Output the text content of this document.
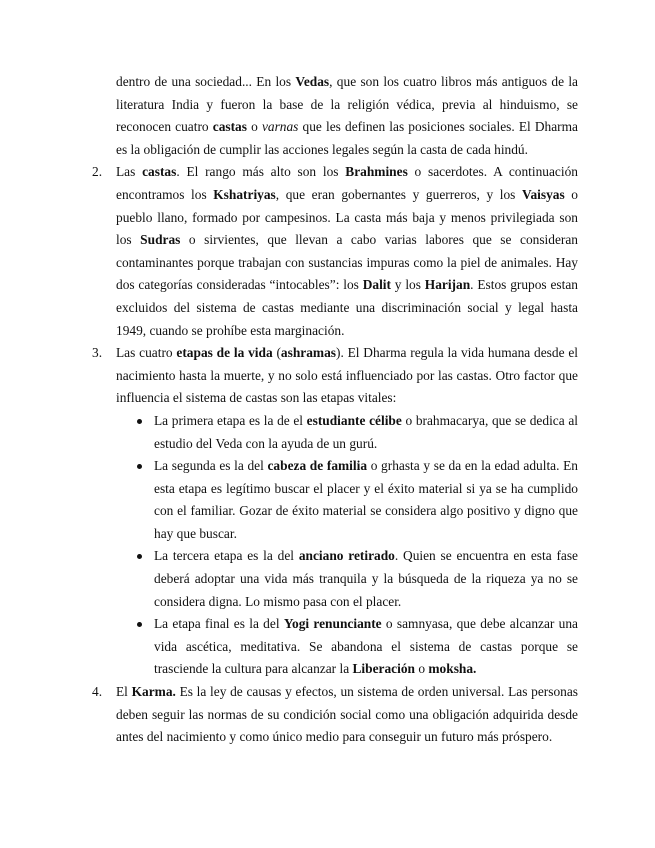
dentro de una sociedad... En los Vedas, que son los cuatro libros más antiguos de la literatura India y fueron la base de la religión védica, previa al hinduismo, se reconocen cuatro castas o varnas que les definen las posiciones sociales. El Dharma es la obligación de cumplir las acciones legales según la casta de cada hindú.

2. Las castas. El rango más alto son los Brahmines o sacerdotes. A continuación encontramos los Kshatriyas, que eran gobernantes y guerreros, y los Vaisyas o pueblo llano, formado por campesinos. La casta más baja y menos privilegiada son los Sudras o sirvientes, que llevan a cabo varias labores que se consideran contaminantes porque trabajan con sustancias impuras como la piel de animales. Hay dos categorías consideradas “intocables”: los Dalit y los Harijan. Estos grupos estan excluidos del sistema de castas mediante una discriminación social y legal hasta 1949, cuando se prohíbe esta marginación.

3. Las cuatro etapas de la vida (ashramas). El Dharma regula la vida humana desde el nacimiento hasta la muerte, y no solo está influenciado por las castas. Otro factor que influencia el sistema de castas son las etapas vitales:

La primera etapa es la de el estudiante célibe o brahmacarya, que se dedica al estudio del Veda con la ayuda de un gurú.
La segunda es la del cabeza de familia o grhasta y se da en la edad adulta. En esta etapa es legítimo buscar el placer y el éxito material si ya se ha cumplido con el familiar. Gozar de éxito material se considera algo positivo y digno que hay que buscar.
La tercera etapa es la del anciano retirado. Quien se encuentra en esta fase deberá adoptar una vida más tranquila y la búsqueda de la riqueza ya no se considera digna. Lo mismo pasa con el placer.
La etapa final es la del Yogi renunciante o samnyasa, que debe alcanzar una vida ascética, meditativa. Se abandona el sistema de castas porque se trasciende la cultura para alcanzar la Liberación o moksha.
4. El Karma. Es la ley de causas y efectos, un sistema de orden universal. Las personas deben seguir las normas de su condición social como una obligación adquirida desde antes del nacimiento y como único medio para conseguir un futuro más próspero.
